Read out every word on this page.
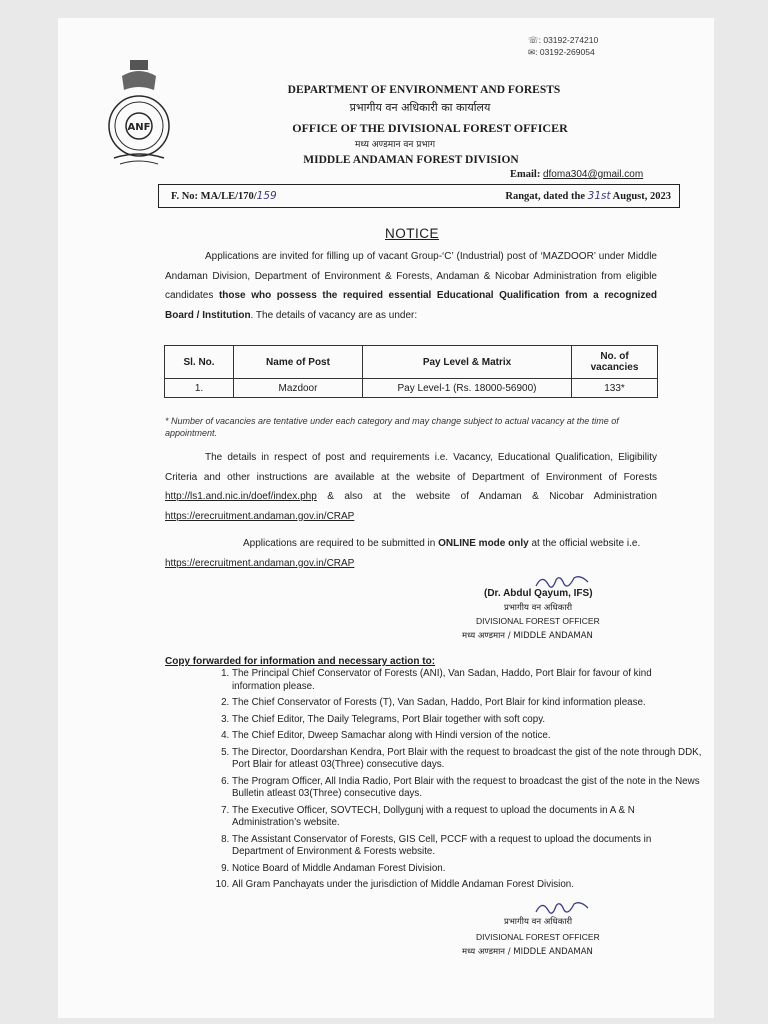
☏: 03192-274210
✉: 03192-269054
ANF
DEPARTMENT OF ENVIRONMENT AND FORESTS
प्रभागीय वन अधिकारी का कार्यालय
OFFICE OF THE DIVISIONAL FOREST OFFICER
मध्य अण्डमान वन प्रभाग
MIDDLE ANDAMAN FOREST DIVISION
Email: dfoma304@gmail.com
F. No: MA/LE/170/159	Rangat, dated the 31st August, 2023
NOTICE
Applications are invited for filling up of vacant Group-‘C’ (Industrial) post of ‘MAZDOOR’ under Middle Andaman Division, Department of Environment & Forests, Andaman & Nicobar Administration from eligible candidates those who possess the required essential Educational Qualification from a recognized Board / Institution. The details of vacancy are as under:
Sl. No.	Name of Post	Pay Level & Matrix	No. of vacancies
1.	Mazdoor	Pay Level-1 (Rs. 18000-56900)	133*
* Number of vacancies are tentative under each category and may change subject to actual vacancy at the time of appointment.
The details in respect of post and requirements i.e. Vacancy, Educational Qualification, Eligibility Criteria and other instructions are available at the website of Department of Environment of Forests http://ls1.and.nic.in/doef/index.php & also at the website of Andaman & Nicobar Administration https://erecruitment.andaman.gov.in/CRAP
Applications are required to be submitted in ONLINE mode only at the official website i.e. https://erecruitment.andaman.gov.in/CRAP
(Dr. Abdul Qayum, IFS)
प्रभागीय वन अधिकारी
DIVISIONAL FOREST OFFICER
मध्य अण्डमान / MIDDLE ANDAMAN
Copy forwarded for information and necessary action to:
1. The Principal Chief Conservator of Forests (ANI), Van Sadan, Haddo, Port Blair for favour of kind information please.
2. The Chief Conservator of Forests (T), Van Sadan, Haddo, Port Blair for kind information please.
3. The Chief Editor, The Daily Telegrams, Port Blair together with soft copy.
4. The Chief Editor, Dweep Samachar along with Hindi version of the notice.
5. The Director, Doordarshan Kendra, Port Blair with the request to broadcast the gist of the note through DDK, Port Blair for atleast 03(Three) consecutive days.
6. The Program Officer, All India Radio, Port Blair with the request to broadcast the gist of the note in the News Bulletin atleast 03(Three) consecutive days.
7. The Executive Officer, SOVTECH, Dollygunj with a request to upload the documents in A & N Administration’s website.
8. The Assistant Conservator of Forests, GIS Cell, PCCF with a request to upload the documents in Department of Environment & Forests website.
9. Notice Board of Middle Andaman Forest Division.
10. All Gram Panchayats under the jurisdiction of Middle Andaman Forest Division.
प्रभागीय वन अधिकारी
DIVISIONAL FOREST OFFICER
मध्य अण्डमान / MIDDLE ANDAMAN
